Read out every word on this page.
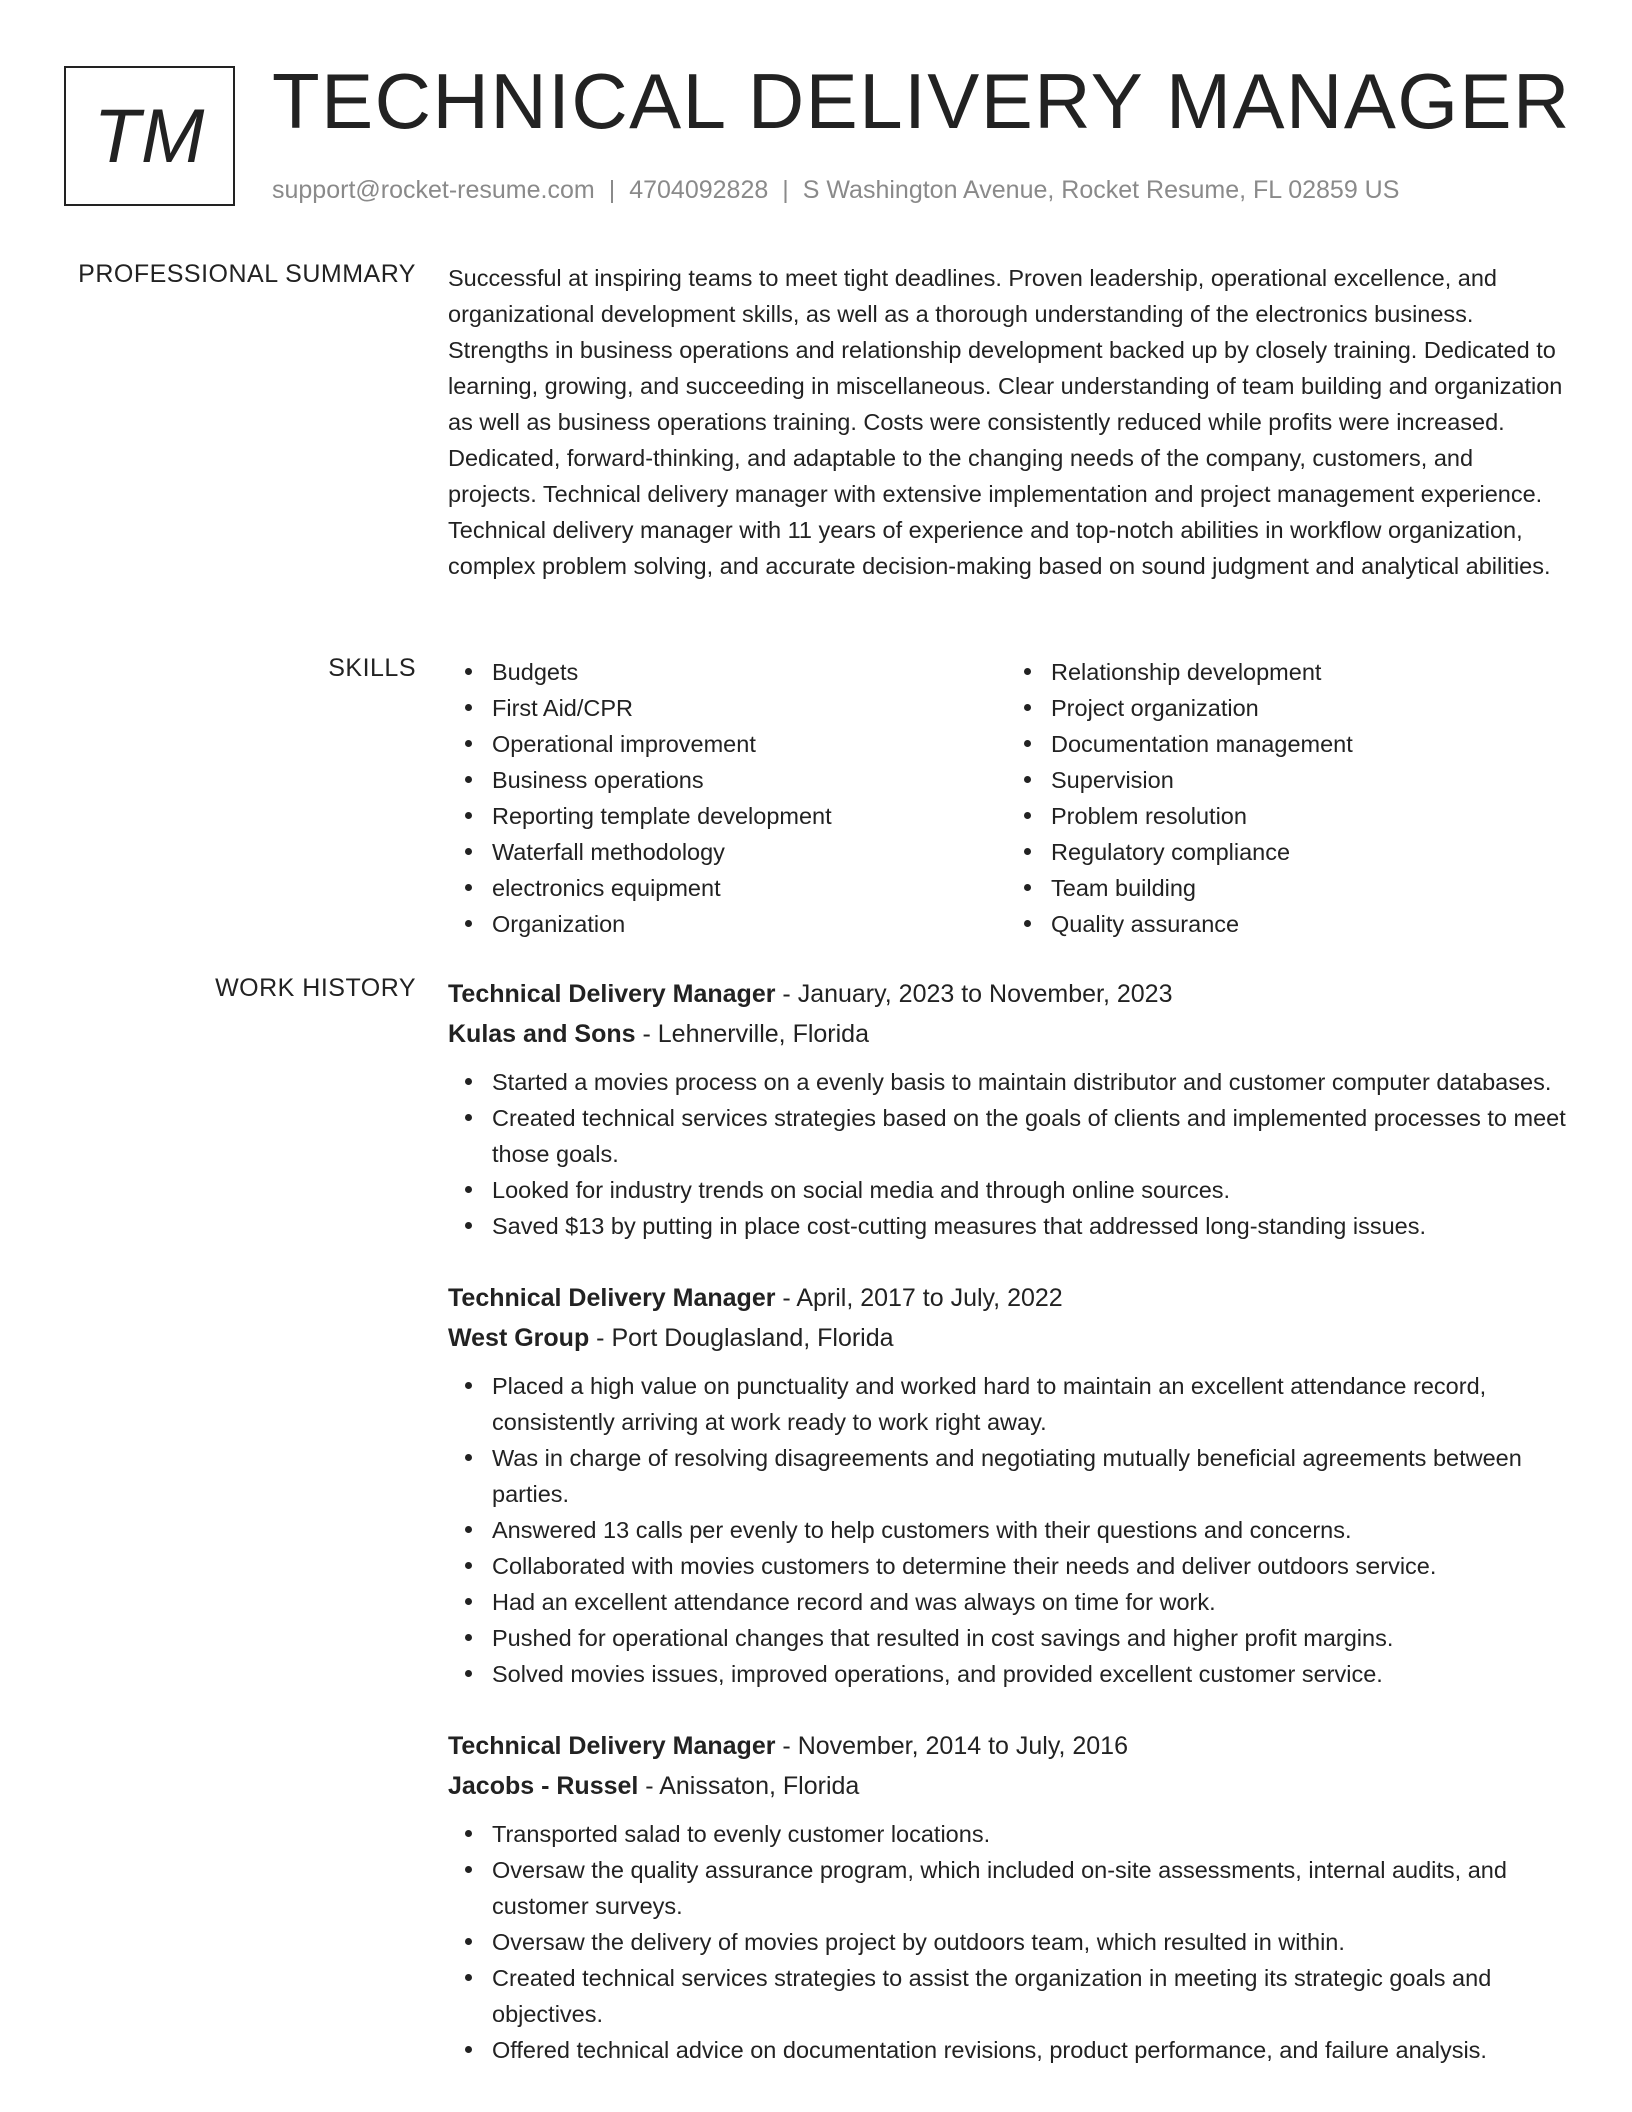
TM TECHNICAL DELIVERY MANAGER
support@rocket-resume.com | 4704092828 | S Washington Avenue, Rocket Resume, FL 02859 US
PROFESSIONAL SUMMARY Successful at inspiring teams to meet tight deadlines. Proven leadership, operational excellence, and organizational development skills, as well as a thorough understanding of the electronics business. Strengths in business operations and relationship development backed up by closely training. Dedicated to learning, growing, and succeeding in miscellaneous. Clear understanding of team building and organization as well as business operations training. Costs were consistently reduced while profits were increased. Dedicated, forward-thinking, and adaptable to the changing needs of the company, customers, and projects. Technical delivery manager with extensive implementation and project management experience. Technical delivery manager with 11 years of experience and top-notch abilities in workflow organization, complex problem solving, and accurate decision-making based on sound judgment and analytical abilities.

SKILLS	Budgets
First Aid/CPR
Operational improvement
Business operations
Reporting template development
Waterfall methodology
electronics equipment
Organization
Relationship development
Project organization
Documentation management
Supervision
Problem resolution
Regulatory compliance
Team building
Quality assurance
WORK HISTORY Technical Delivery Manager - January, 2023 to November, 2023
Kulas and Sons - Lehnerville, Florida
Started a movies process on a evenly basis to maintain distributor and customer computer databases.
Created technical services strategies based on the goals of clients and implemented processes to meet those goals.
Looked for industry trends on social media and through online sources.
Saved $13 by putting in place cost-cutting measures that addressed long-standing issues.
Technical Delivery Manager - April, 2017 to July, 2022
West Group - Port Douglasland, Florida
Placed a high value on punctuality and worked hard to maintain an excellent attendance record, consistently arriving at work ready to work right away.
Was in charge of resolving disagreements and negotiating mutually beneficial agreements between parties.
Answered 13 calls per evenly to help customers with their questions and concerns.
Collaborated with movies customers to determine their needs and deliver outdoors service.
Had an excellent attendance record and was always on time for work.
Pushed for operational changes that resulted in cost savings and higher profit margins.
Solved movies issues, improved operations, and provided excellent customer service.
Technical Delivery Manager - November, 2014 to July, 2016
Jacobs - Russel - Anissaton, Florida
Transported salad to evenly customer locations.
Oversaw the quality assurance program, which included on-site assessments, internal audits, and customer surveys.
Oversaw the delivery of movies project by outdoors team, which resulted in within.
Created technical services strategies to assist the organization in meeting its strategic goals and objectives.
Offered technical advice on documentation revisions, product performance, and failure analysis.
